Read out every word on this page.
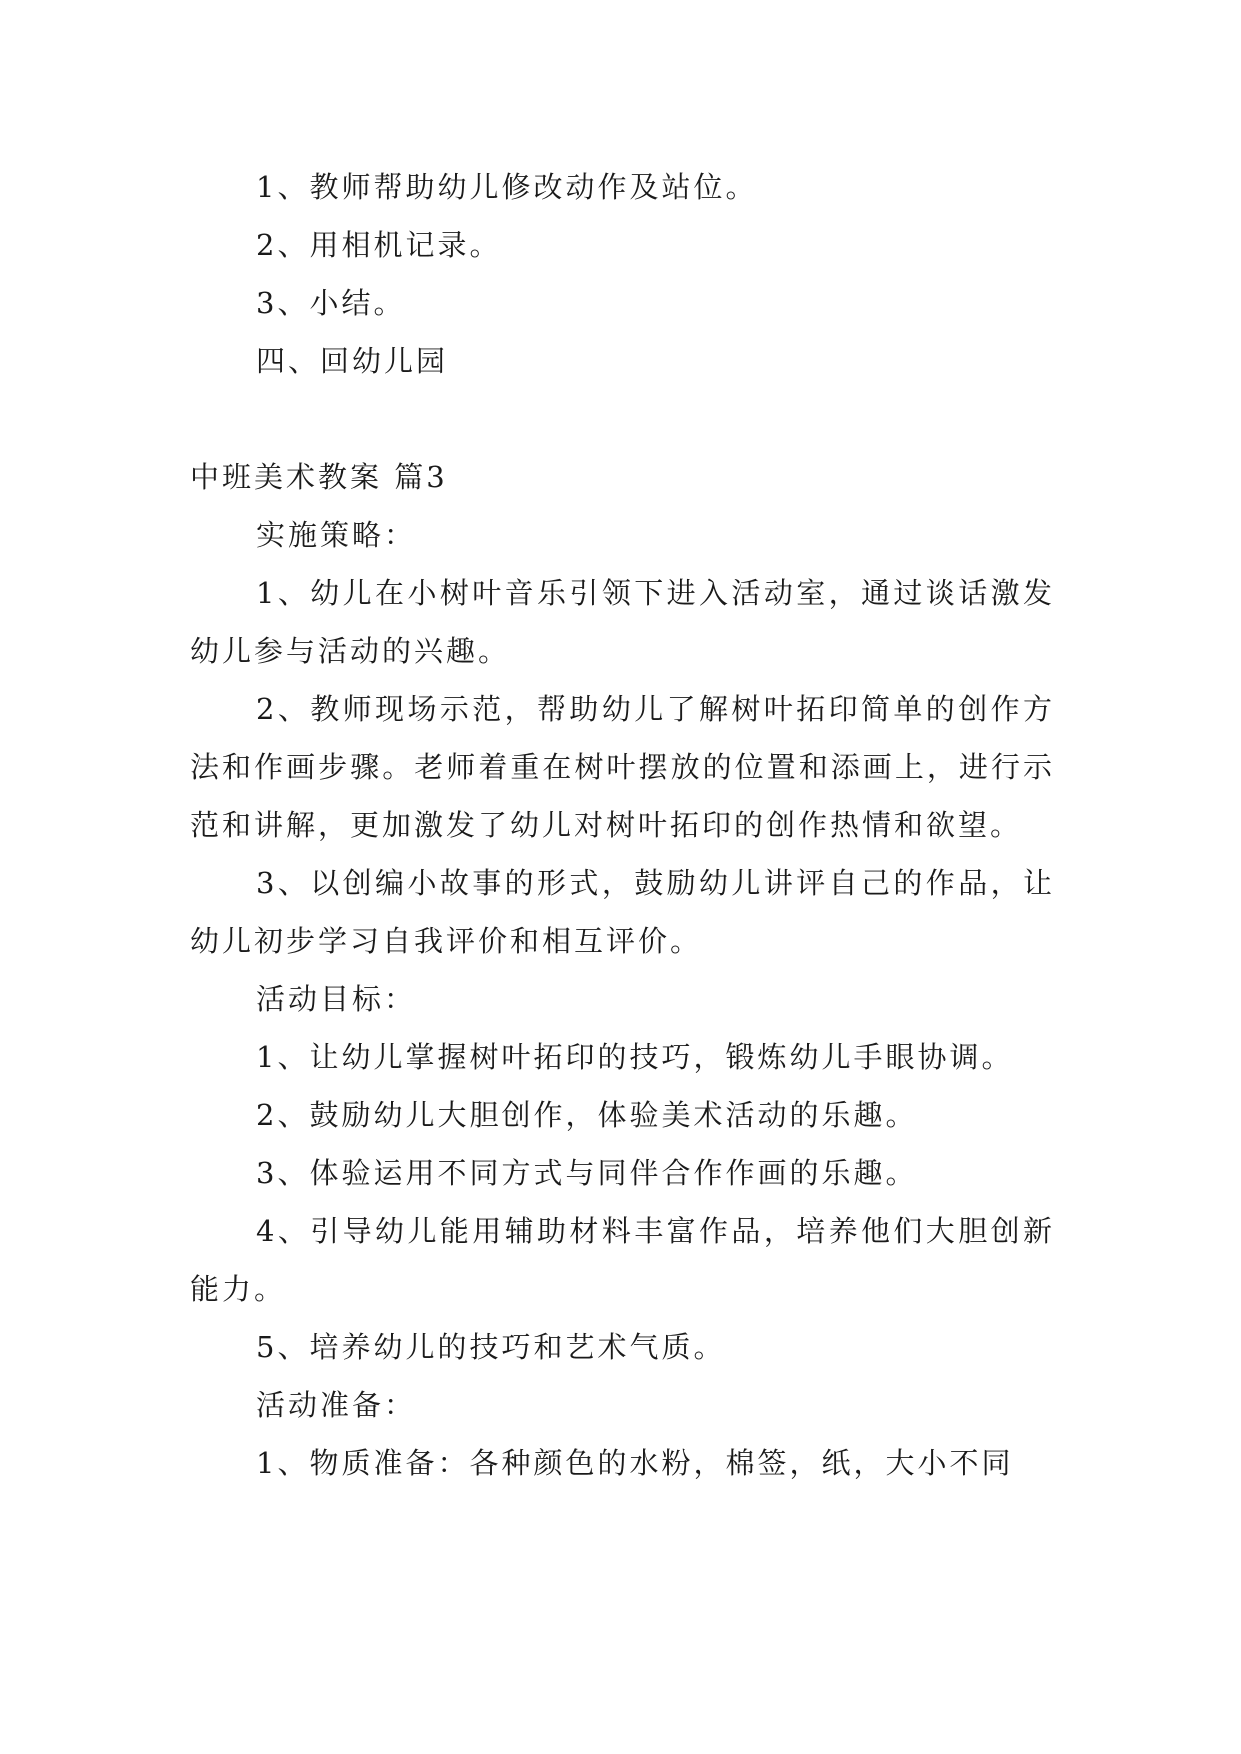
1、教师帮助幼儿修改动作及站位。

2、用相机记录。

3、小结。

四、回幼儿园

中班美术教案 篇3

实施策略：

1、幼儿在小树叶音乐引领下进入活动室，通过谈话激发幼儿参与活动的兴趣。

2、教师现场示范，帮助幼儿了解树叶拓印简单的创作方法和作画步骤。老师着重在树叶摆放的位置和添画上，进行示范和讲解，更加激发了幼儿对树叶拓印的创作热情和欲望。

3、以创编小故事的形式，鼓励幼儿讲评自己的作品，让幼儿初步学习自我评价和相互评价。

活动目标：

1、让幼儿掌握树叶拓印的技巧，锻炼幼儿手眼协调。

2、鼓励幼儿大胆创作，体验美术活动的乐趣。

3、体验运用不同方式与同伴合作作画的乐趣。

4、引导幼儿能用辅助材料丰富作品，培养他们大胆创新能力。

5、培养幼儿的技巧和艺术气质。

活动准备：

1、物质准备：各种颜色的水粉，棉签，纸，大小不同
